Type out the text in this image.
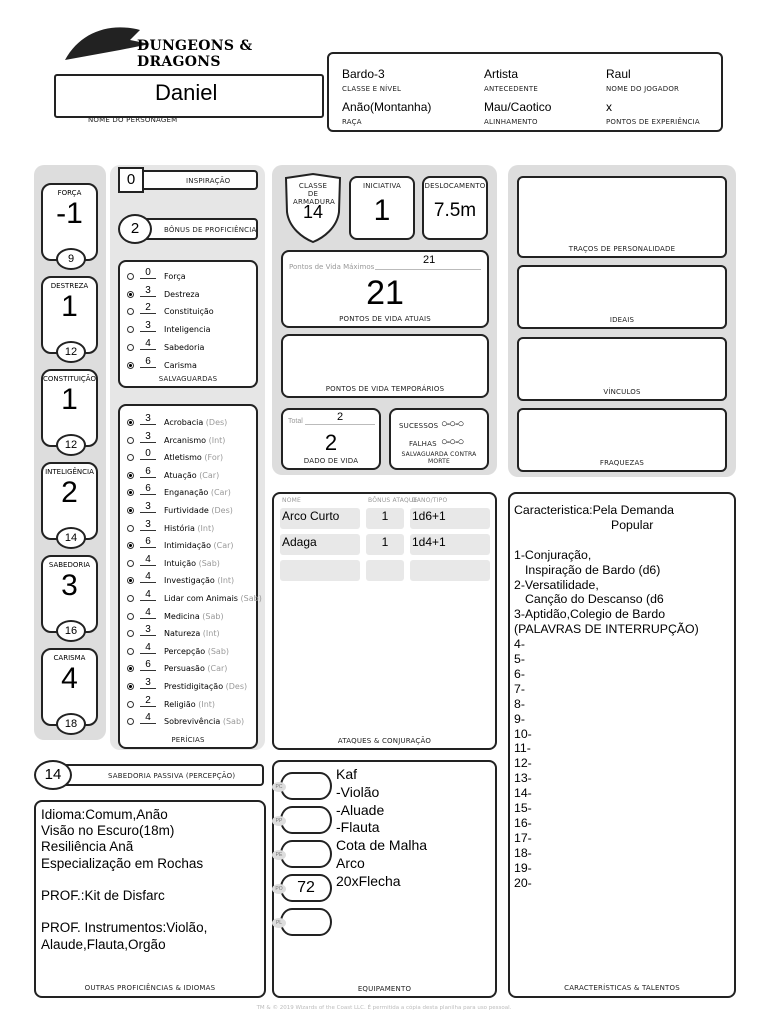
DUNGEONS & DRAGONS
Daniel
NOME DO PERSONAGEM
Bardo-3
CLASSE E NÍVEL
Artista
ANTECEDENTE
Raul
NOME DO JOGADOR
Anão(Montanha)
RAÇA
Mau/Caotico
ALINHAMENTO
x
PONTOS DE EXPERIÊNCIA
FORÇA
-1
9
DESTREZA
1
12
CONSTITUIÇÃO
1
12
INTELIGÊNCIA
2
14
SABEDORIA
3
16
CARISMA
4
18
0	INSPIRAÇÃO
2	BÔNUS DE PROFICIÊNCIA
0	Força
3	Destreza
2	Constituição
3	Inteligencia
4	Sabedoria
6	Carisma
SALVAGUARDAS
3	Acrobacia (Des)
3	Arcanismo (Int)
0	Atletismo (For)
6	Atuação (Car)
6	Enganação (Car)
3	Furtividade (Des)
3	História (Int)
6	Intimidação (Car)
4	Intuição (Sab)
4	Investigação (Int)
4	Lidar com Animais (Sab)
4	Medicina (Sab)
3	Natureza (Int)
4	Percepção (Sab)
6	Persuasão (Car)
3	Prestidigitação (Des)
2	Religião (Int)
4	Sobrevivência (Sab)
PERÍCIAS
14	SABEDORIA PASSIVA (PERCEPÇÃO)
Idioma:Comum,Anão
Visão no Escuro(18m)
Resiliência Anã
Especialização em Rochas
PROF.:Kit de Disfarc
PROF. Instrumentos:Violão,
Alaude,Flauta,Orgão
OUTRAS PROFICIÊNCIAS & IDIOMAS
CLASSE DE ARMADURA
14
INICIATIVA
1
DESLOCAMENTO
7.5m
Pontos de Vida Máximos
21
21
PONTOS DE VIDA ATUAIS
PONTOS DE VIDA TEMPORÁRIOS
Total	2
2
DADO DE VIDA
SUCESSOS ○-○-○
FALHAS ○-○-○
SALVAGUARDA CONTRA MORTE
NOME	BÔNUS ATAQUE
DANO/TIPO
ATAQUES & CONJURAÇÃO
Arco Curto	1	1d6+1
Adaga	1	1d4+1
Kaf
-Violão
-Aluade
-Flauta
Cota de Malha
Arco
20xFlecha
EQUIPAMENTO
PC
PP
PE
PO 72
PL
TRAÇOS DE PERSONALIDADE
IDEAIS
VÍNCULOS
FRAQUEZAS
Caracteristica:Pela Demanda
Popular
1-Conjuração,
Inspiração de Bardo (d6)
2-Versatilidade,
Canção do Descanso (d6
3-Aptidão,Colegio de Bardo
(PALAVRAS DE INTERRUPÇÃO)
4-
5-
6-
7-
8-
9-
10-
11-
12-
13-
14-
15-
16-
17-
18-
19-
20-
CARACTERÍSTICAS & TALENTOS
TM & © 2019 Wizards of the Coast LLC. É permitida a cópia desta planilha para uso pessoal.
